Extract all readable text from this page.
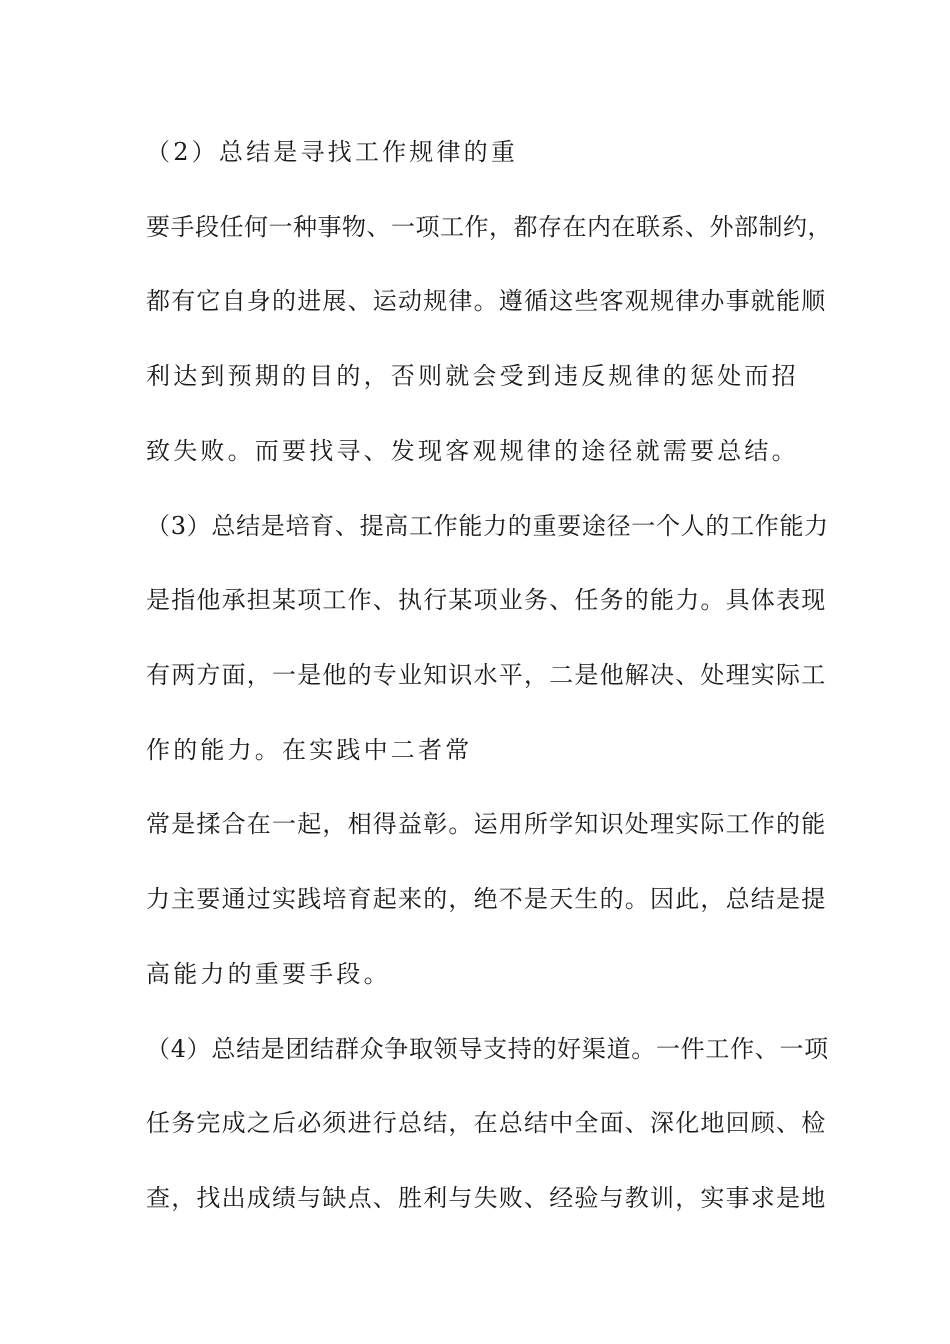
（2）总结是寻找工作规律的重
要手段任何一种事物、一项工作，都存在内在联系、外部制约，
都有它自身的进展、运动规律。遵循这些客观规律办事就能顺
利达到预期的目的，否则就会受到违反规律的惩处而招
致失败。而要找寻、发现客观规律的途径就需要总结。
（3）总结是培育、提高工作能力的重要途径一个人的工作能力
是指他承担某项工作、执行某项业务、任务的能力。具体表现
有两方面，一是他的专业知识水平，二是他解决、处理实际工
作的能力。在实践中二者常
常是揉合在一起，相得益彰。运用所学知识处理实际工作的能
力主要通过实践培育起来的，绝不是天生的。因此，总结是提
高能力的重要手段。
（4）总结是团结群众争取领导支持的好渠道。一件工作、一项
任务完成之后必须进行总结，在总结中全面、深化地回顾、检
查，找出成绩与缺点、胜利与失败、经验与教训，实事求是地
